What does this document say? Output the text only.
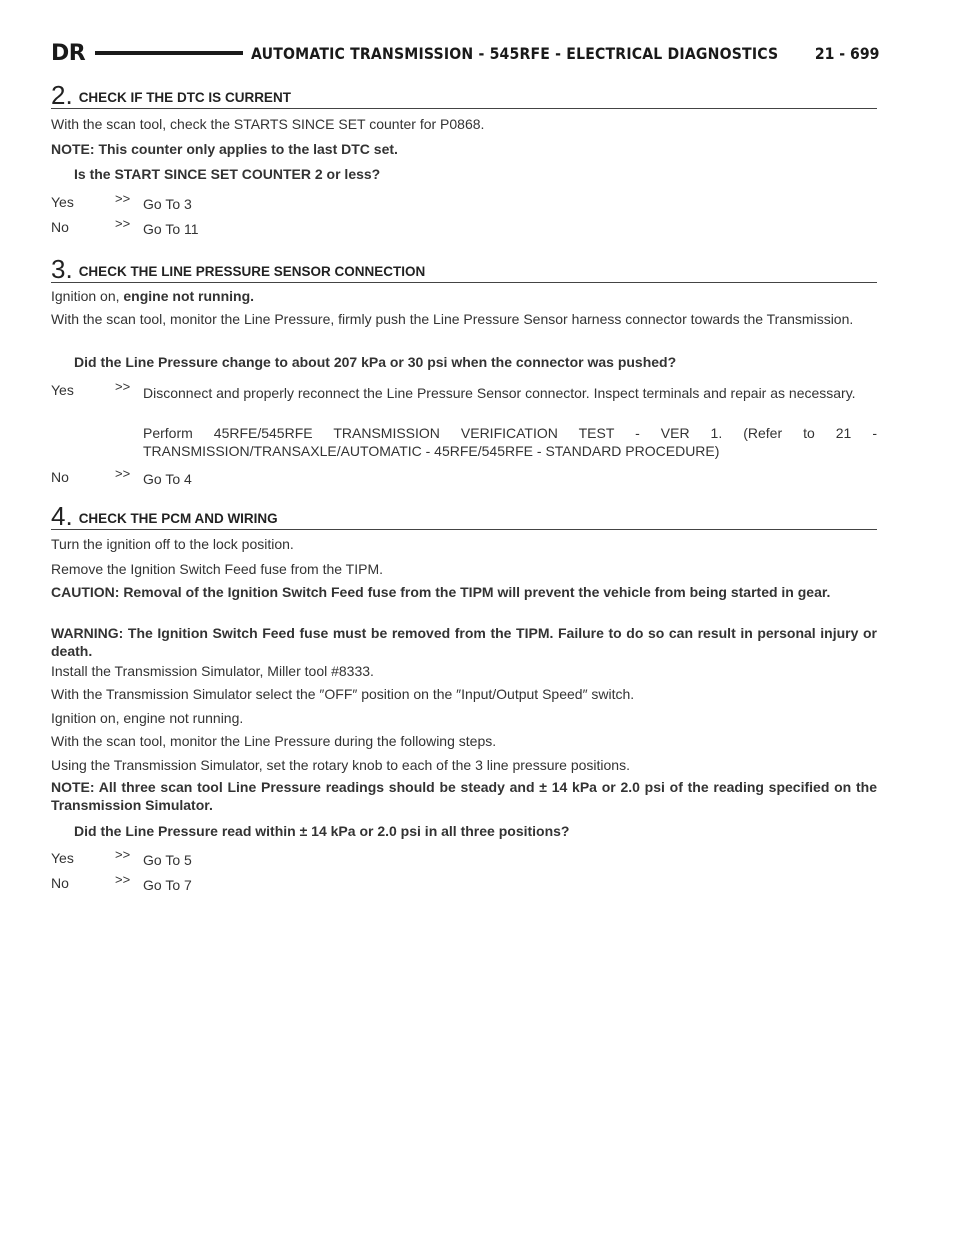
DR	AUTOMATIC TRANSMISSION - 545RFE - ELECTRICAL DIAGNOSTICS 21 - 699
2. CHECK IF THE DTC IS CURRENT
With the scan tool, check the STARTS SINCE SET counter for P0868.
NOTE: This counter only applies to the last DTC set.
Is the START SINCE SET COUNTER 2 or less?
Yes	>> Go To 3
No	>> Go To 11
3. CHECK THE LINE PRESSURE SENSOR CONNECTION
Ignition on, engine not running.
With the scan tool, monitor the Line Pressure, firmly push the Line Pressure Sensor harness connector towards the Transmission.
Did the Line Pressure change to about 207 kPa or 30 psi when the connector was pushed?
Yes	>> Disconnect and properly reconnect the Line Pressure Sensor connector. Inspect terminals and repair as necessary.
Perform 45RFE/545RFE TRANSMISSION VERIFICATION TEST - VER 1. (Refer to 21 - TRANSMISSION/TRANSAXLE/AUTOMATIC - 45RFE/545RFE - STANDARD PROCEDURE)
No	>> Go To 4
4. CHECK THE PCM AND WIRING
Turn the ignition off to the lock position.
Remove the Ignition Switch Feed fuse from the TIPM.
CAUTION: Removal of the Ignition Switch Feed fuse from the TIPM will prevent the vehicle from being started in gear.
WARNING: The Ignition Switch Feed fuse must be removed from the TIPM. Failure to do so can result in personal injury or death.
Install the Transmission Simulator, Miller tool #8333.
With the Transmission Simulator select the ″OFF″ position on the ″Input/Output Speed″ switch.
Ignition on, engine not running.
With the scan tool, monitor the Line Pressure during the following steps.
Using the Transmission Simulator, set the rotary knob to each of the 3 line pressure positions.
NOTE: All three scan tool Line Pressure readings should be steady and ± 14 kPa or 2.0 psi of the reading specified on the Transmission Simulator.
Did the Line Pressure read within ± 14 kPa or 2.0 psi in all three positions?
Yes	>> Go To 5
No	>> Go To 7
